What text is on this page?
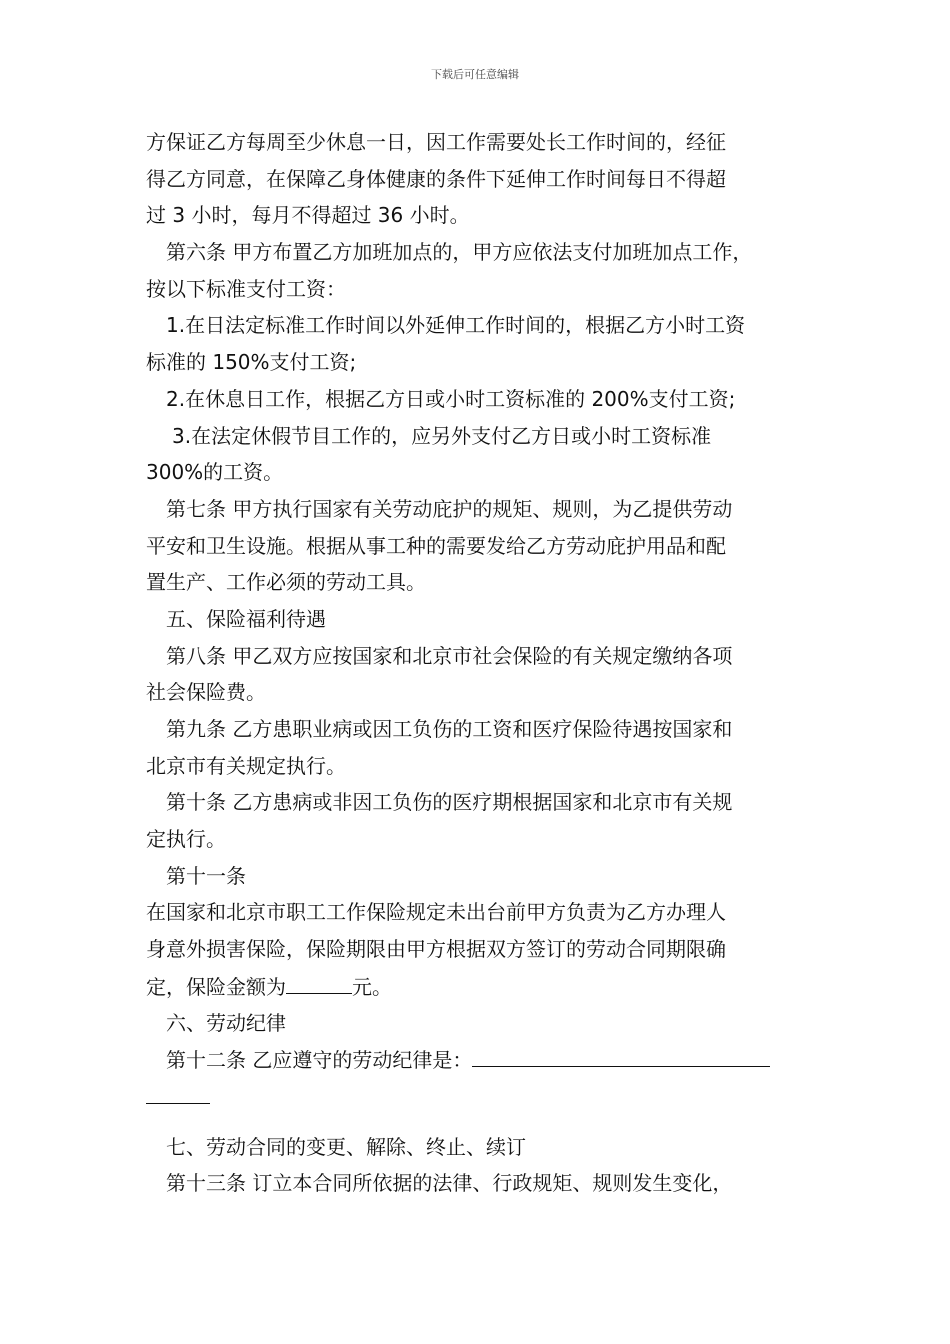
下载后可任意编辑
方保证乙方每周至少休息一日，因工作需要处长工作时间的，经征
得乙方同意，在保障乙身体健康的条件下延伸工作时间每日不得超
过 3 小时，每月不得超过 36 小时。
第六条 甲方布置乙方加班加点的，甲方应依法支付加班加点工作，
按以下标准支付工资：
1.在日法定标准工作时间以外延伸工作时间的，根据乙方小时工资
标准的 150%支付工资;
2.在休息日工作，根据乙方日或小时工资标准的 200%支付工资;
3.在法定休假节目工作的，应另外支付乙方日或小时工资标准
300%的工资。
第七条 甲方执行国家有关劳动庇护的规矩、规则，为乙提供劳动
平安和卫生设施。根据从事工种的需要发给乙方劳动庇护用品和配
置生产、工作必须的劳动工具。
五、保险福利待遇
第八条 甲乙双方应按国家和北京市社会保险的有关规定缴纳各项
社会保险费。
第九条 乙方患职业病或因工负伤的工资和医疗保险待遇按国家和
北京市有关规定执行。
第十条 乙方患病或非因工负伤的医疗期根据国家和北京市有关规
定执行。
第十一条
在国家和北京市职工工作保险规定未出台前甲方负责为乙方办理人
身意外损害保险，保险期限由甲方根据双方签订的劳动合同期限确
定，保险金额为	元。
六、劳动纪律
第十二条 乙应遵守的劳动纪律是：
七、劳动合同的变更、解除、终止、续订
第十三条 订立本合同所依据的法律、行政规矩、规则发生变化，
